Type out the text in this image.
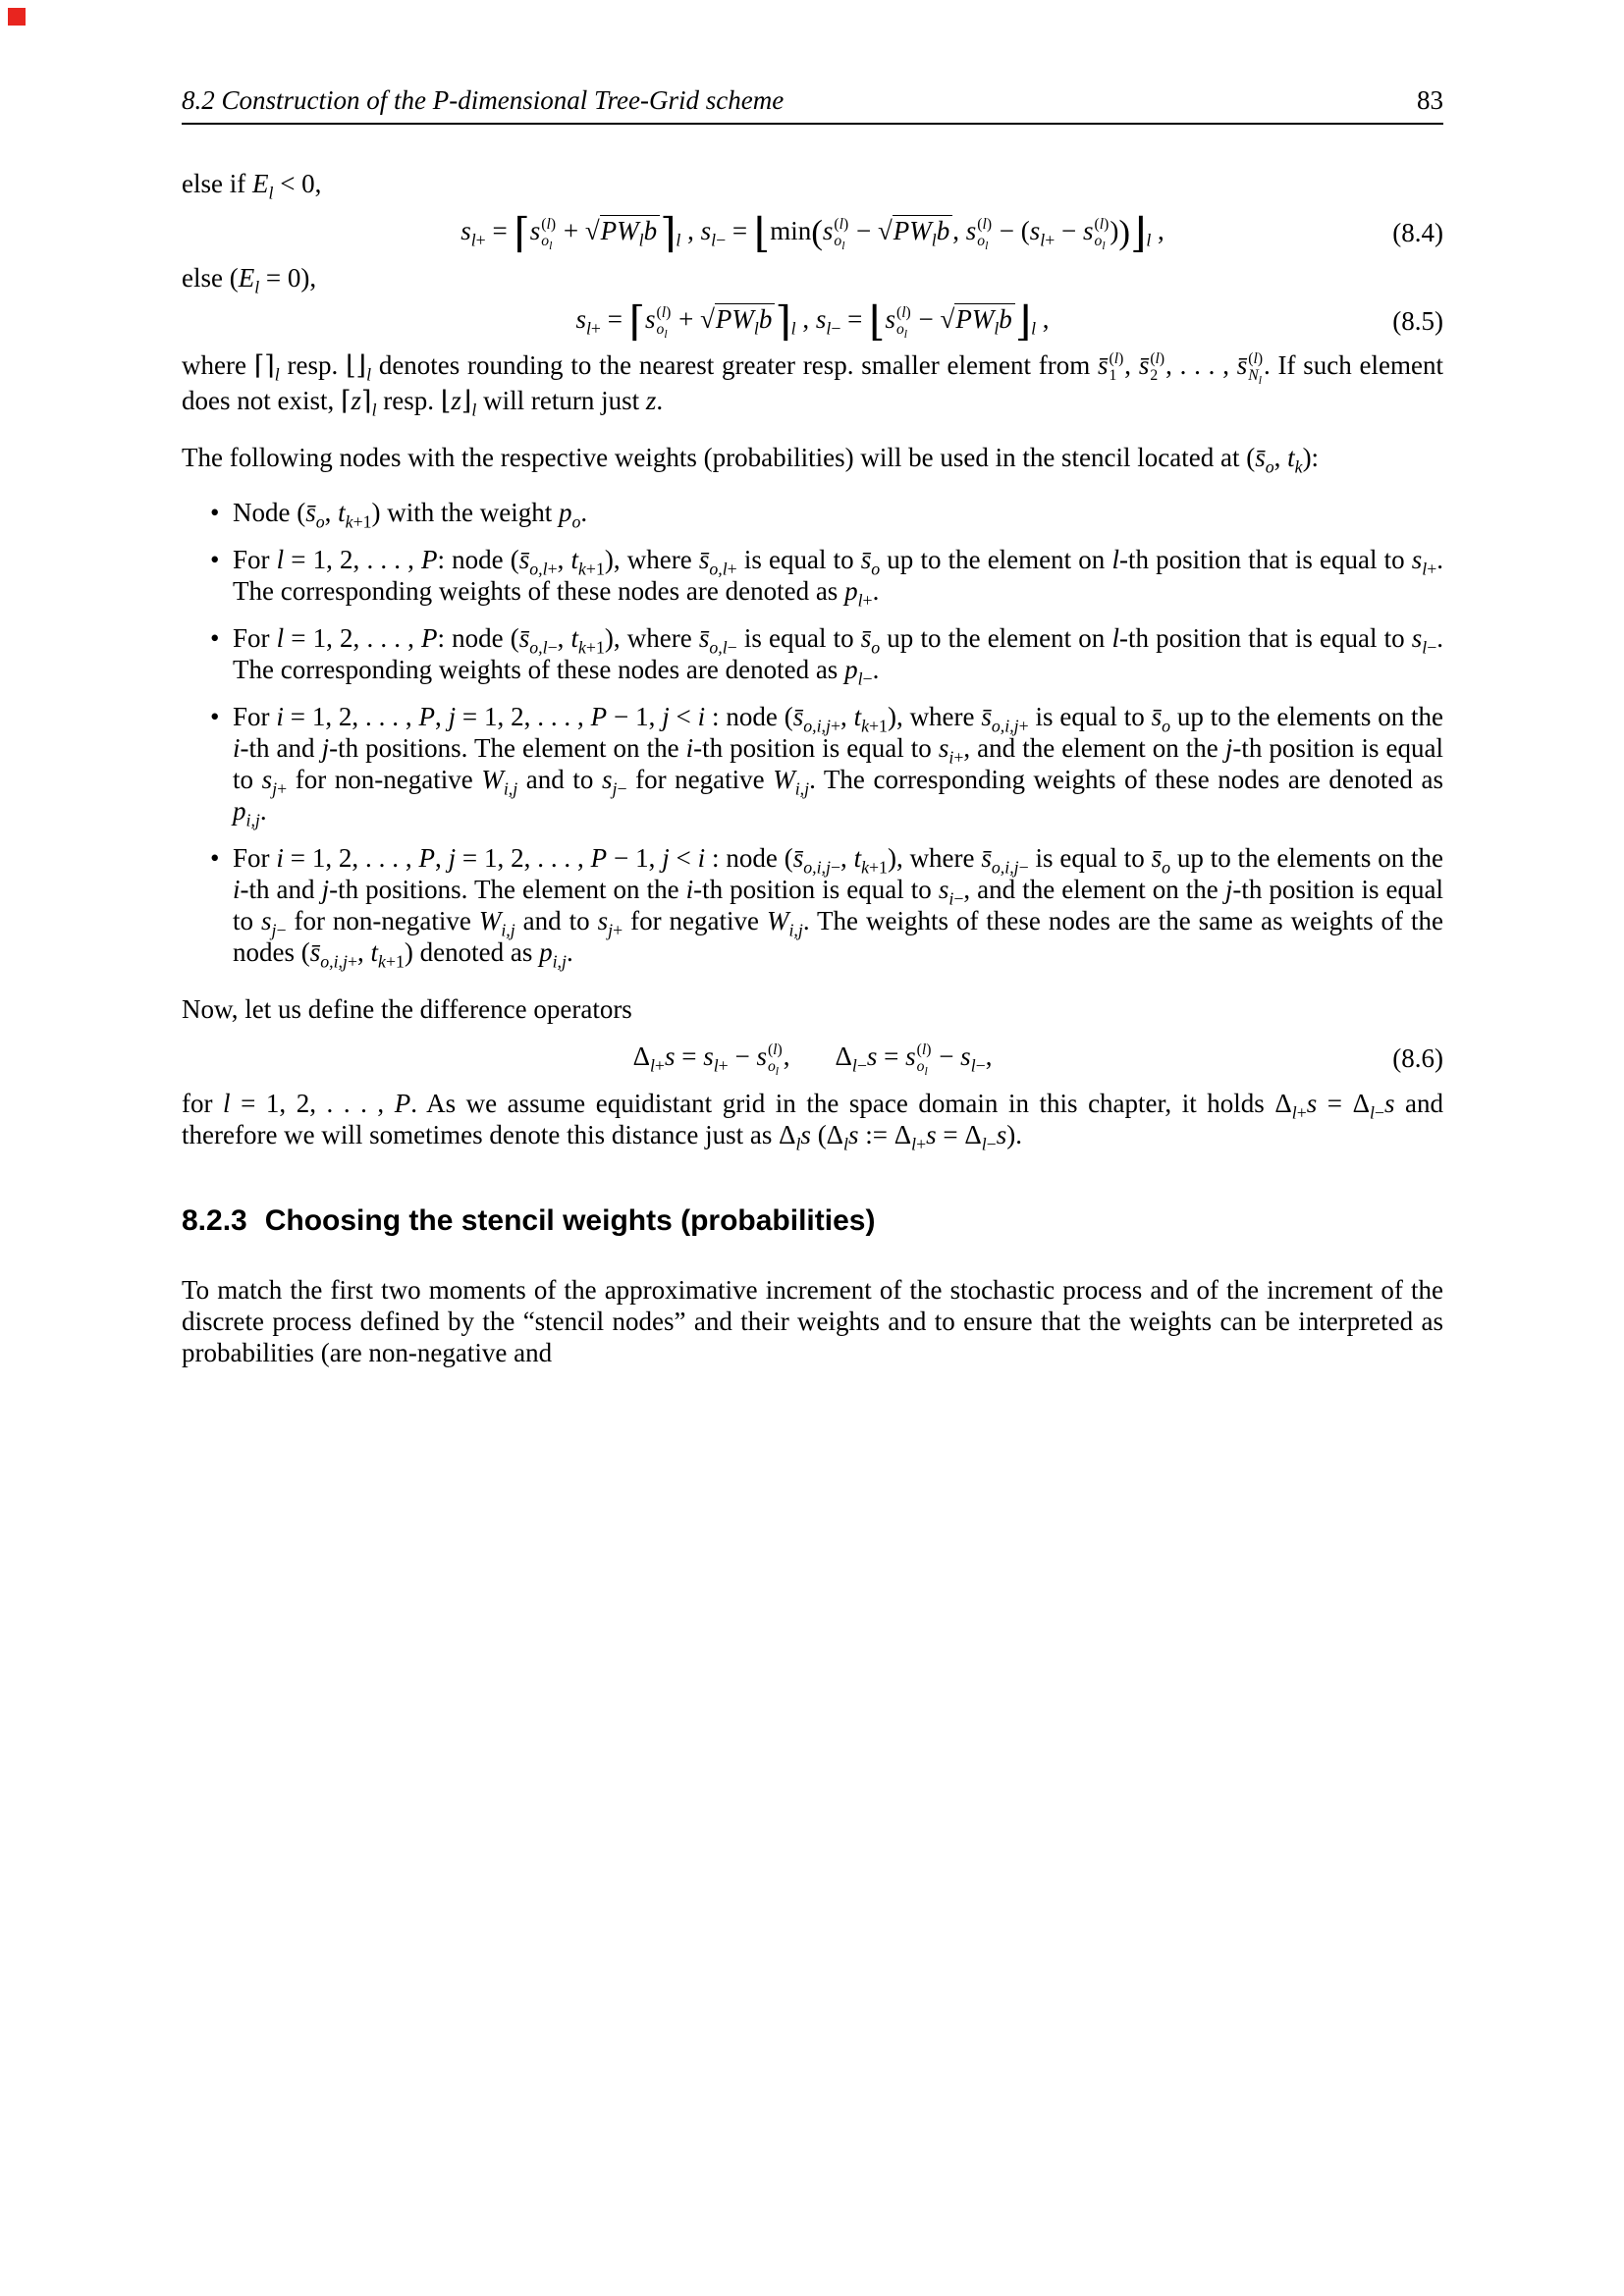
8.2 Construction of the P-dimensional Tree-Grid scheme	83

else if $E_l < 0$,

$s_{l+}$ = ⌈s (l)
$o_l$
+ $√PW_lb⌉_l$ , $s_{l-}$ = ⌊min(s (l)
$o_l$
− $√PW_lb$ , s (l)
$o_l$
− ($s_{l+} - s$ (l)
$o_l$
))$⌋_l$ ,	(8.4)

else $(E_l = 0)$,

$s_{l+}$ = ⌈s (l)
$o_l$
+ $√PW_lb⌉_l$ , $s_{l-}$ = ⌊s (l)
$o_l$
− $√PW_lb⌋_l$ ,	(8.5)

where $⌈⌉_l$ resp. $⌊⌋_l$ denotes rounding to the nearest greater resp. smaller element from s̄ (l)
1 , s̄ (l)
2 , . . . , s̄ (l)
$N_l$
. If such element does not exist, $⌈z⌉_l$ resp. $⌊z⌋_l$ will return just z.

The following nodes with the respective weights (probabilities) will be used in the stencil located at ($s̄_o$, $t_k$):

• Node ($s̄_o$, $t_{k+1}$) with the weight $p_o$.
• For l = 1, 2, . . . , P: node ($s̄_{o,l+}$, $t_{k+1}$), where $s̄_{o,l+}$ is equal to $s̄_o$ up to the element on l-th position that is equal to $s_{l+}$. The corresponding weights of these nodes are denoted as $p_{l+}$.
• For l = 1, 2, . . . , P: node ($s̄_{o,l-}$, $t_{k+1}$), where $s̄_{o,l-}$ is equal to $s̄_o$ up to the element on l-th position that is equal to $s_{l-}$. The corresponding weights of these nodes are denoted as $p_{l-}$.
• For i = 1, 2, . . . , P, j = 1, 2, . . . , P − 1, j < i : node ($s̄_{o,i,j+}$, $t_{k+1}$), where $s̄_{o,i,j+}$ is equal to $s̄_o$ up to the elements on the i-th and j-th positions. The element on the i-th position is equal to $s_{i+}$, and the element on the j-th position is equal to $s_{j+}$ for non-negative $W_{i,j}$ and to $s_{j-}$ for negative $W_{i,j}$. The corresponding weights of these nodes are denoted as $p_{i,j}$.
• For i = 1, 2, . . . , P, j = 1, 2, . . . , P − 1, j < i : node ($s̄_{o,i,j-}$, $t_{k+1}$), where $s̄_{o,i,j-}$ is equal to $s̄_o$ up to the elements on the i-th and j-th positions. The element on the i-th position is equal to $s_{i-}$, and the element on the j-th position is equal to $s_{j-}$ for non-negative $W_{i,j}$ and to $s_{j+}$ for negative $W_{i,j}$. The weights of these nodes are the same as weights of the nodes ($s̄_{o,i,j+}$, $t_{k+1}$) denoted as $p_{i,j}$.

Now, let us define the difference operators

$\Delta_{l+}s = s_{l+} - s$ (l)
$o_l$
, $\Delta_{l-}s = s$ (l)
$o_l$
− $s_{l-}$,	(8.6)

for l = 1, 2, . . . , P. As we assume equidistant grid in the space domain in this chapter, it holds $\Delta_{l+}s = \Delta_{l-}s$ and therefore we will sometimes denote this distance just as $\Delta_ls$ ($\Delta_ls$ := $\Delta_{l+}s = \Delta_{l-}s$).

8.2.3 Choosing the stencil weights (probabilities)

To match the first two moments of the approximative increment of the stochastic process and of the increment of the discrete process defined by the “stencil nodes” and their weights and to ensure that the weights can be interpreted as probabilities (are non-negative and
